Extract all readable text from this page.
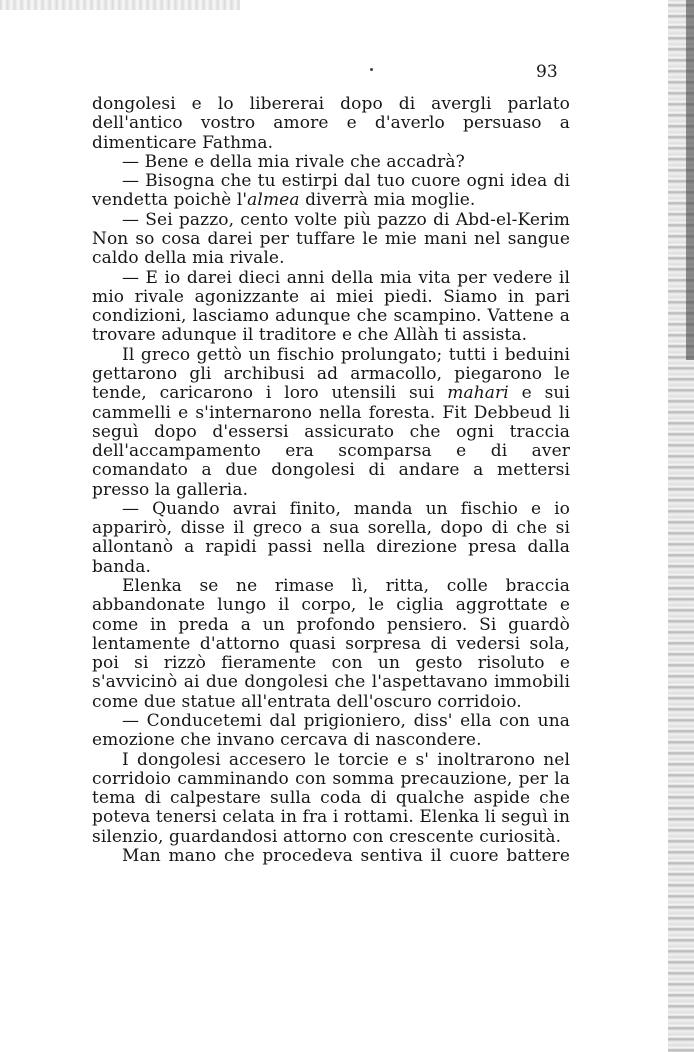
93

dongolesi e lo libererai dopo di avergli parlato dell'antico vostro amore e d'averlo persuaso a dimenticare Fathma.

— Bene e della mia rivale che accadrà?

— Bisogna che tu estirpi dal tuo cuore ogni idea di vendetta poichè l'almea diverrà mia moglie.

— Sei pazzo, cento volte più pazzo di Abd-el-Kerim Non so cosa darei per tuffare le mie mani nel sangue caldo della mia rivale.

— E io darei dieci anni della mia vita per vedere il mio rivale agonizzante ai miei piedi. Siamo in pari condizioni, lasciamo adunque che scampino. Vattene a trovare adunque il traditore e che Allàh ti assista.

Il greco gettò un fischio prolungato; tutti i beduini gettarono gli archibusi ad armacollo, piegarono le tende, caricarono i loro utensili sui mahari e sui cammelli e s'internarono nella foresta. Fit Debbeud li seguì dopo d'essersi assicurato che ogni traccia dell'accampamento era scomparsa e di aver comandato a due dongolesi di andare a mettersi presso la galleria.

— Quando avrai finito, manda un fischio e io apparirò, disse il greco a sua sorella, dopo di che si allontanò a rapidi passi nella direzione presa dalla banda.

Elenka se ne rimase lì, ritta, colle braccia abbandonate lungo il corpo, le ciglia aggrottate e come in preda a un profondo pensiero. Si guardò lentamente d'attorno quasi sorpresa di vedersi sola, poi si rizzò fieramente con un gesto risoluto e s'avvicinò ai due dongolesi che l'aspettavano immobili come due statue all'entrata dell'oscuro corridoio.

— Conducetemi dal prigioniero, diss' ella con una emozione che invano cercava di nascondere.

I dongolesi accesero le torcie e s' inoltrarono nel corridoio camminando con somma precauzione, per la tema di calpestare sulla coda di qualche aspide che poteva tenersi celata in fra i rottami. Elenka li seguì in silenzio, guardandosi attorno con crescente curiosità.

Man mano che procedeva sentiva il cuore battere
